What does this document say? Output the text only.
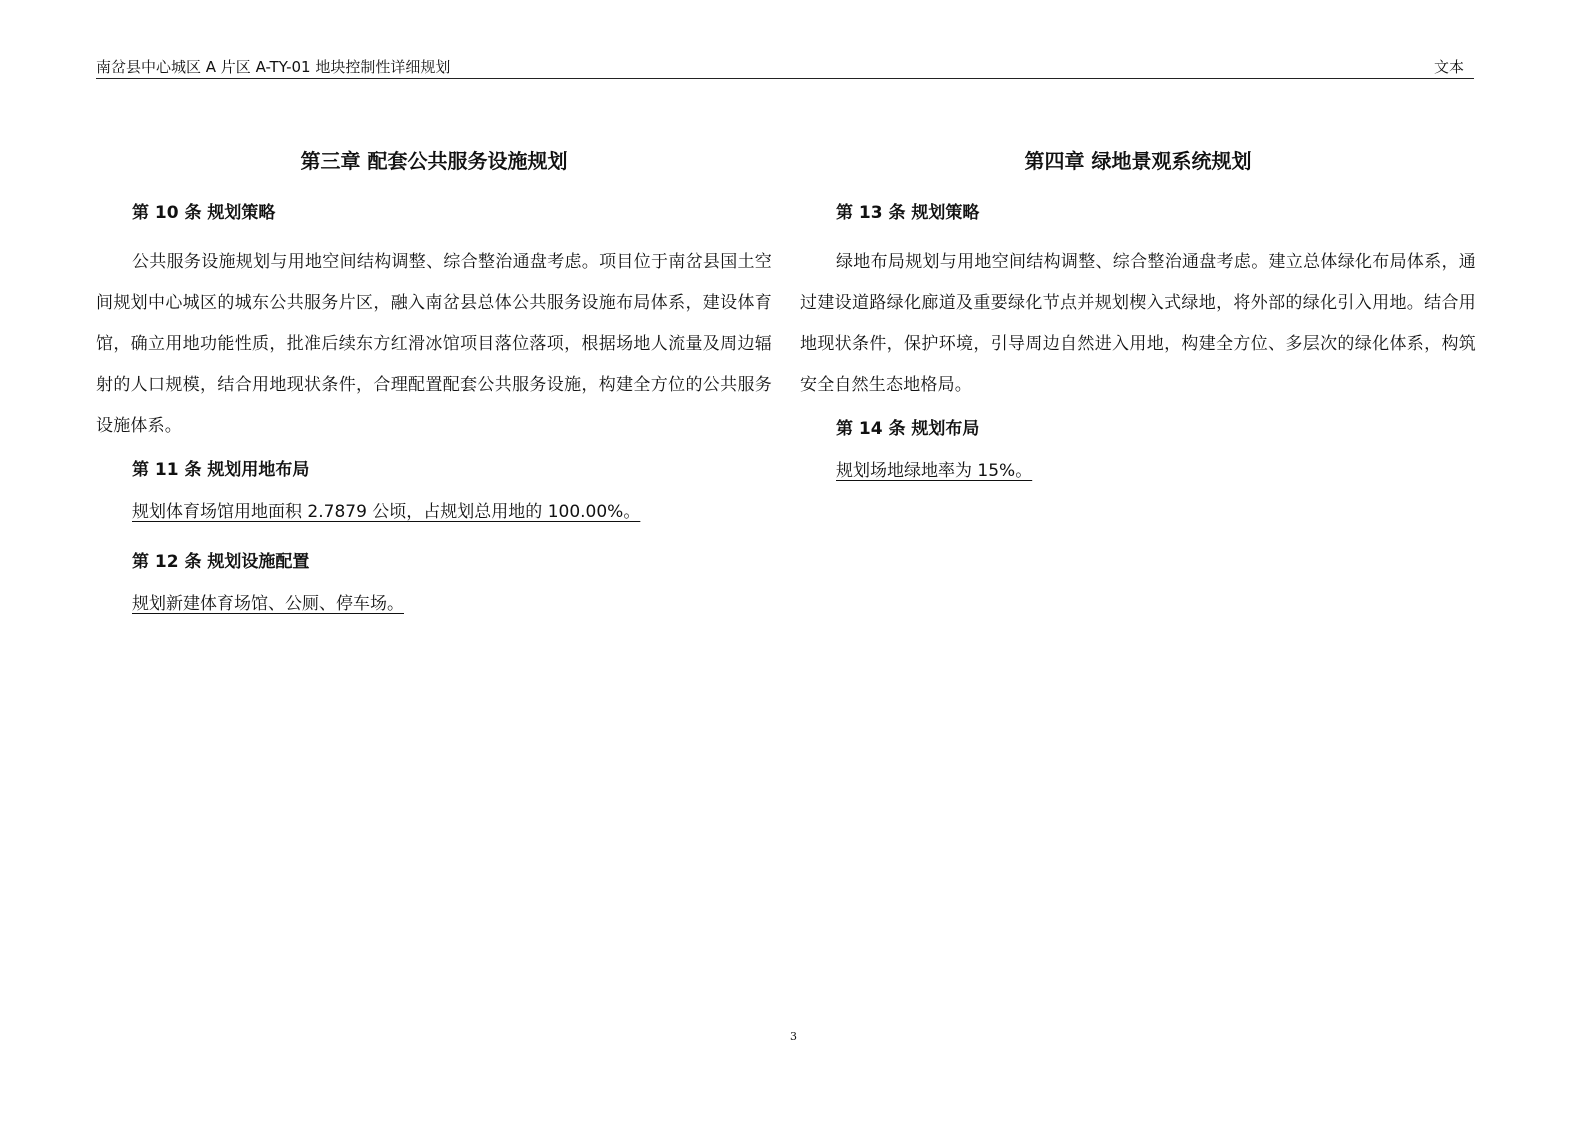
南岔县中心城区 A 片区 A-TY-01 地块控制性详细规划	文本
第三章 配套公共服务设施规划
第 10 条 规划策略

公共服务设施规划与用地空间结构调整、综合整治通盘考虑。项目位于南岔县国土空间规划中心城区的城东公共服务片区，融入南岔县总体公共服务设施布局体系，建设体育馆，确立用地功能性质，批准后续东方红滑冰馆项目落位落项，根据场地人流量及周边辐射的人口规模，结合用地现状条件，合理配置配套公共服务设施，构建全方位的公共服务设施体系。

第 11 条 规划用地布局
规划体育场馆用地面积 2.7879 公顷，占规划总用地的 100.00%。
第 12 条 规划设施配置
规划新建体育场馆、公厕、停车场。
第四章 绿地景观系统规划
第 13 条 规划策略

绿地布局规划与用地空间结构调整、综合整治通盘考虑。建立总体绿化布局体系，通过建设道路绿化廊道及重要绿化节点并规划楔入式绿地，将外部的绿化引入用地。结合用地现状条件，保护环境，引导周边自然进入用地，构建全方位、多层次的绿化体系，构筑安全自然生态地格局。

第 14 条 规划布局
规划场地绿地率为 15%。
3
